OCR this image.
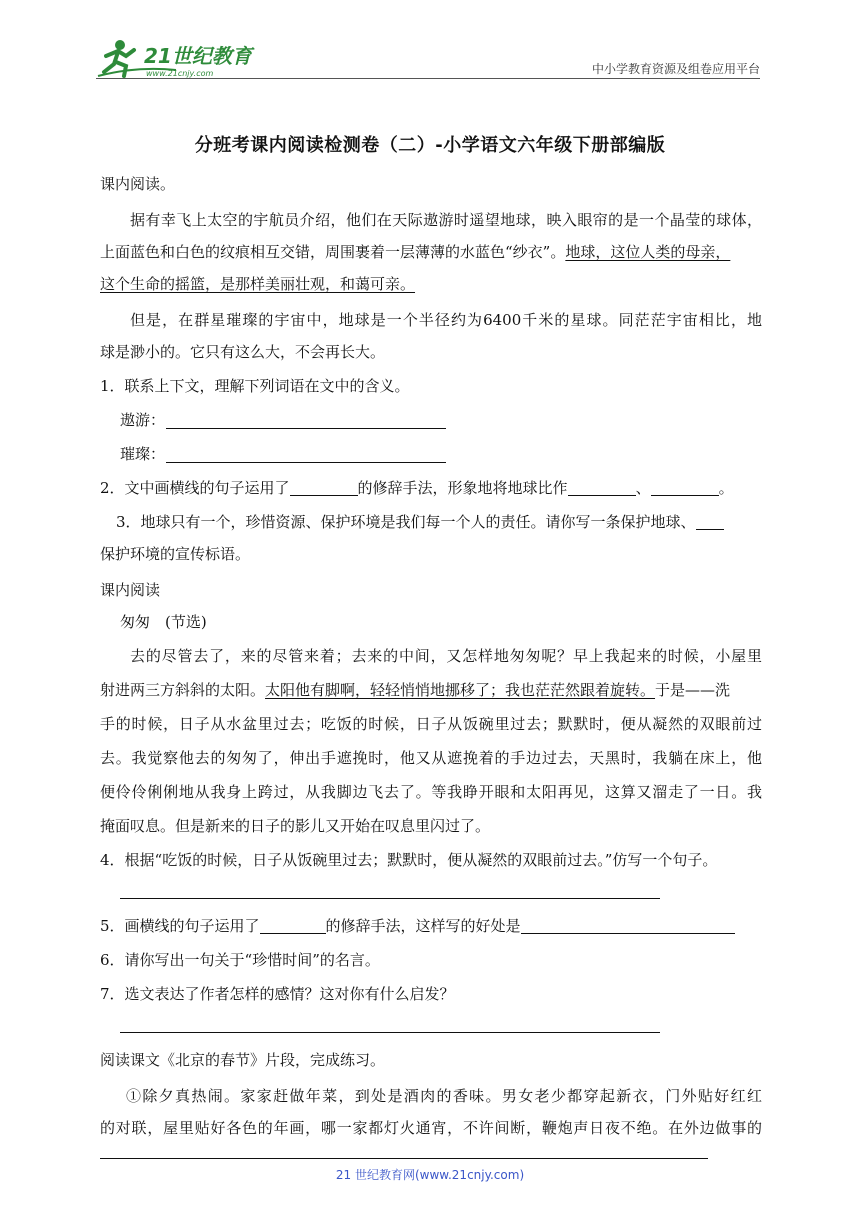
21世纪教育
www.21cnjy.com	中小学教育资源及组卷应用平台
分班考课内阅读检测卷（二）-小学语文六年级下册部编版
课内阅读。
据有幸飞上太空的宇航员介绍，他们在天际遨游时遥望地球，映入眼帘的是一个晶莹的球体，
上面蓝色和白色的纹痕相互交错，周围裹着一层薄薄的水蓝色“纱衣”。地球，这位人类的母亲，
这个生命的摇篮，是那样美丽壮观，和蔼可亲。
但是，在群星璀璨的宇宙中，地球是一个半径约为6400千米的星球。同茫茫宇宙相比，地
球是渺小的。它只有这么大，不会再长大。
1．联系上下文，理解下列词语在文中的含义。
遨游：
璀璨：
2．文中画横线的句子运用了	的修辞手法，形象地将地球比作	、	。
3．地球只有一个，珍惜资源、保护环境是我们每一个人的责任。请你写一条保护地球、
保护环境的宣传标语。
课内阅读
匆匆　(节选)
去的尽管去了，来的尽管来着；去来的中间，又怎样地匆匆呢？早上我起来的时候，小屋里
射进两三方斜斜的太阳。太阳他有脚啊，轻轻悄悄地挪移了；我也茫茫然跟着旋转。于是——洗
手的时候，日子从水盆里过去；吃饭的时候，日子从饭碗里过去；默默时，便从凝然的双眼前过
去。我觉察他去的匆匆了，伸出手遮挽时，他又从遮挽着的手边过去，天黑时，我躺在床上，他
便伶伶俐俐地从我身上跨过，从我脚边飞去了。等我睁开眼和太阳再见，这算又溜走了一日。我
掩面叹息。但是新来的日子的影儿又开始在叹息里闪过了。
4．根据“吃饭的时候，日子从饭碗里过去；默默时，便从凝然的双眼前过去。”仿写一个句子。
5．画横线的句子运用了	的修辞手法，这样写的好处是
6．请你写出一句关于“珍惜时间”的名言。
7．选文表达了作者怎样的感情？这对你有什么启发？
阅读课文《北京的春节》片段，完成练习。
①除夕真热闹。家家赶做年菜，到处是酒肉的香味。男女老少都穿起新衣，门外贴好红红
的对联，屋里贴好各色的年画，哪一家都灯火通宵，不许间断，鞭炮声日夜不绝。在外边做事的
21 世纪教育网(www.21cnjy.com)
